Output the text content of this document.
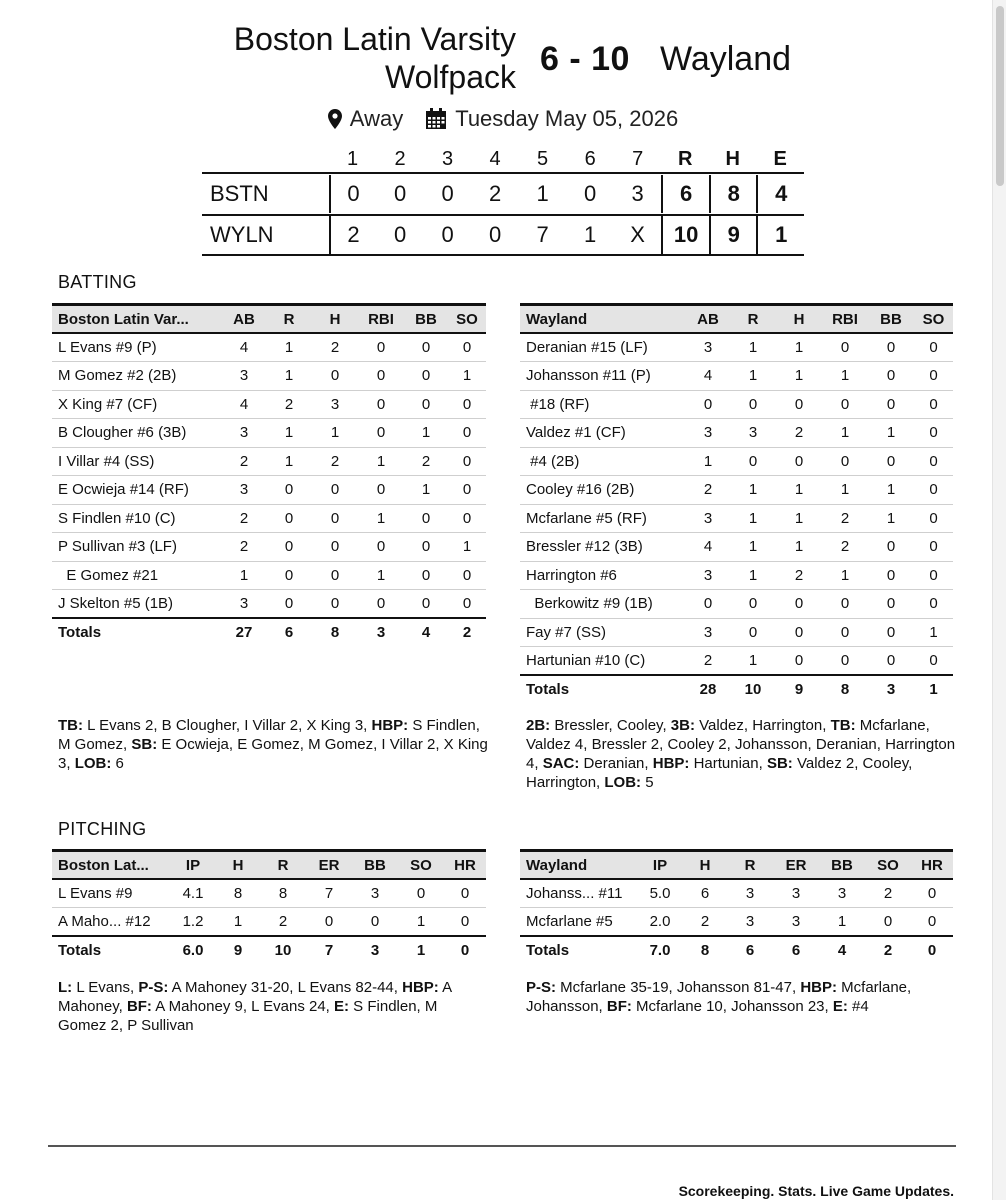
Boston Latin Varsity Wolfpack 6 - 10 Wayland
Away Tuesday May 05, 2026
1	2	3	4	5	6	7	R	H	E
BSTN	0	0	0	2	1	0	3	6	8	4
WYLN	2	0	0	0	7	1	X	10	9	1
BATTING
Boston Latin Var...	AB	R	H	RBI	BB	SO
L Evans #9 (P)	4	1	2	0	0	0
M Gomez #2 (2B)	3	1	0	0	0	1
X King #7 (CF)	4	2	3	0	0	0
B Clougher #6 (3B)	3	1	1	0	1	0
I Villar #4 (SS)	2	1	2	1	2	0
E Ocwieja #14 (RF)	3	0	0	0	1	0
S Findlen #10 (C)	2	0	0	1	0	0
P Sullivan #3 (LF)	2	0	0	0	0	1
E Gomez #21	1	0	0	1	0	0
J Skelton #5 (1B)	3	0	0	0	0	0
Totals	27	6	8	3	4	2
Wayland	AB	R	H	RBI	BB	SO
Deranian #15 (LF)	3	1	1	0	0	0
Johansson #11 (P)	4	1	1	1	0	0
#18 (RF)	0	0	0	0	0	0
Valdez #1 (CF)	3	3	2	1	1	0
#4 (2B)	1	0	0	0	0	0
Cooley #16 (2B)	2	1	1	1	1	0
Mcfarlane #5 (RF)	3	1	1	2	1	0
Bressler #12 (3B)	4	1	1	2	0	0
Harrington #6	3	1	2	1	0	0
Berkowitz #9 (1B)	0	0	0	0	0	0
Fay #7 (SS)	3	0	0	0	0	1
Hartunian #10 (C)	2	1	0	0	0	0
Totals	28	10	9	8	3	1
TB: L Evans 2, B Clougher, I Villar 2, X King 3, HBP: S Findlen, M Gomez, SB: E Ocwieja, E Gomez, M Gomez, I Villar 2, X King 3, LOB: 6
2B: Bressler, Cooley, 3B: Valdez, Harrington, TB: Mcfarlane, Valdez 4, Bressler 2, Cooley 2, Johansson, Deranian, Harrington 4, SAC: Deranian, HBP: Hartunian, SB: Valdez 2, Cooley, Harrington, LOB: 5
PITCHING
Boston Lat...	IP	H	R	ER	BB	SO	HR
L Evans #9	4.1	8	8	7	3	0	0
A Maho... #12	1.2	1	2	0	0	1	0
Totals	6.0	9	10	7	3	1	0
Wayland	IP	H	R	ER	BB	SO	HR
Johanss... #11	5.0	6	3	3	3	2	0
Mcfarlane #5	2.0	2	3	3	1	0	0
Totals	7.0	8	6	6	4	2	0
L: L Evans, P-S: A Mahoney 31-20, L Evans 82-44, HBP: A Mahoney, BF: A Mahoney 9, L Evans 24, E: S Findlen, M Gomez 2, P Sullivan
P-S: Mcfarlane 35-19, Johansson 81-47, HBP: Mcfarlane, Johansson, BF: Mcfarlane 10, Johansson 23, E: #4
Scorekeeping. Stats. Live Game Updates.
